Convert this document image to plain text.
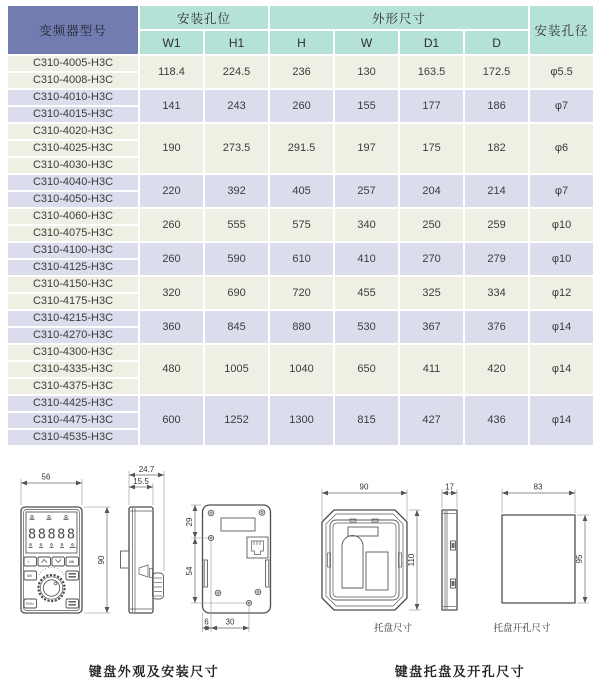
变频器型号	安装孔位		外形尺寸				安装孔径
	W1	H1	H	W	D1	D	
C310-4005-H3C	118.4	224.5	236	130	163.5	172.5	φ5.5
C310-4008-H3C							
C310-4010-H3C	141	243	260	155	177	186	φ7
C310-4015-H3C							
C310-4020-H3C	190	273.5	291.5	197	175	182	φ6
C310-4025-H3C							
C310-4030-H3C							
C310-4040-H3C	220	392	405	257	204	214	φ7
C310-4050-H3C							
C310-4060-H3C	260	555	575	340	250	259	φ10
C310-4075-H3C							
C310-4100-H3C	260	590	610	410	270	279	φ10
C310-4125-H3C							
C310-4150-H3C	320	690	720	455	325	334	φ12
C310-4175-H3C							
C310-4215-H3C	360	845	880	530	367	376	φ14
C310-4270-H3C							
C310-4300-H3C	480	1005	1040	650	411	420	φ14
C310-4335-H3C							
C310-4375-H3C							
C310-4425-H3C	600	1252	1300	815	427	436	φ14
C310-4475-H3C							
C310-4535-H3C							
88888
»	OK
MK
RUN
56
90
24.7
15.5
29
54
6 30
90
110
托盘尺寸
17	83
95
托盘开孔尺寸
键盘外观及安装尺寸	键盘托盘及开孔尺寸
